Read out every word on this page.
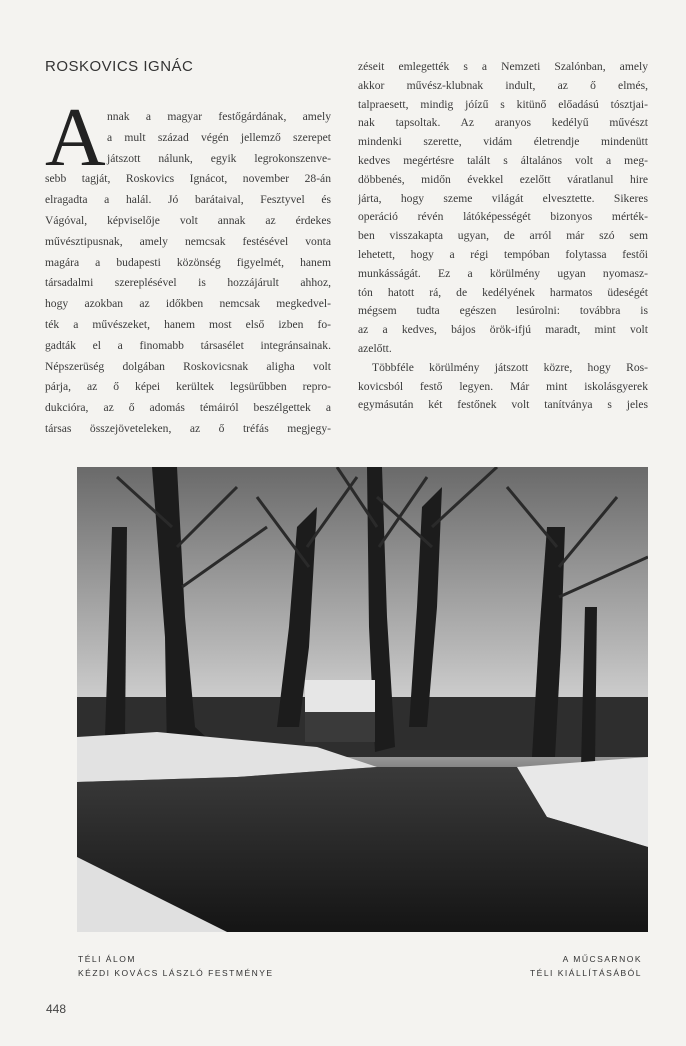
ROSKOVICS IGNÁC
A nnak a magyar festőgárdának, amely
a mult század végén jellemző szerepet
játszott nálunk, egyik legrokonszenve-
sebb tagját, Roskovics Ignácot, november 28-án
elragadta a halál. Jó barátaival, Fesztyvel és
Vágóval, képviselője volt annak az érdekes
művésztipusnak, amely nemcsak festésével vonta
magára a budapesti közönség figyelmét, hanem
társadalmi szereplésével is hozzájárult ahhoz,
hogy azokban az időkben nemcsak megkedvel-
ték a művészeket, hanem most első izben fo-
gadták el a finomabb társasélet integránsainak.
Népszerüség dolgában Roskovicsnak aligha volt
párja, az ő képei kerültek legsürűbben repro-
dukcióra, az ő adomás témáiról beszélgettek a
társas összejöveteleken, az ő tréfás megjegy-
zéseit emlegették s a Nemzeti Szalónban, amely
akkor művész-klubnak indult, az ő elmés,
talpraesett, mindig jóízű s kitünő előadású tósztjai-
nak tapsoltak. Az aranyos kedélyű művészt
mindenki szerette, vidám életrendje mindenütt
kedves megértésre talált s általános volt a meg-
döbbenés, midőn évekkel ezelőtt váratlanul hire
járta, hogy szeme világát elvesztette. Sikeres
operáció révén látóképességét bizonyos mérték-
ben visszakapta ugyan, de arról már szó sem
lehetett, hogy a régi tempóban folytassa festői
munkásságát. Ez a körülmény ugyan nyomasz-
tón hatott rá, de kedélyének harmatos üdeségét
mégsem tudta egészen lesúrolni: továbbra is
az a kedves, bájos örök-ifjú maradt, mint volt
azelőtt.
Többféle körülmény játszott közre, hogy Ros-
kovicsból festő legyen. Már mint iskolásgyerek
egymásután két festőnek volt tanítványa s jeles
TÉLI ÁLOM
KÉZDI KOVÁCS LÁSZLÓ FESTMÉNYE
A MŰCSARNOK
TÉLI KIÁLLÍTÁSÁBÓL
448
